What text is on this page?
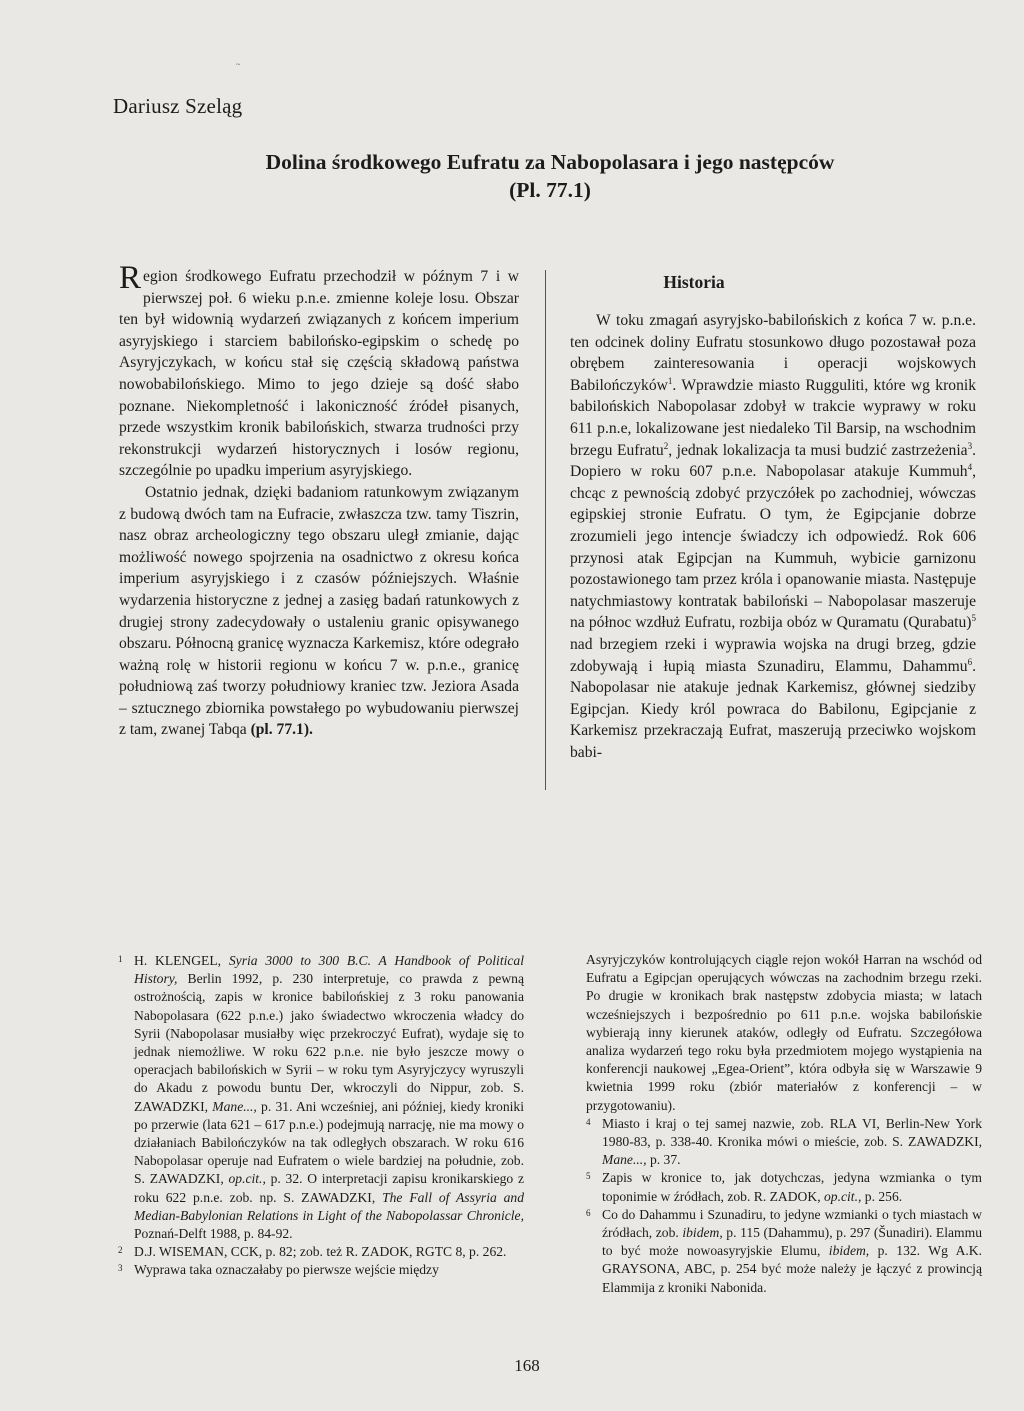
~
Dariusz Szeląg
Dolina środkowego Eufratu za Nabopolasara i jego następców
(Pl. 77.1)

Region środkowego Eufratu przechodził w późnym 7 i w pierwszej poł. 6 wieku p.n.e. zmienne koleje losu. Obszar ten był widownią wydarzeń związanych z końcem imperium asyryjskiego i starciem babilońsko-egipskim o schedę po Asyryjczykach, w końcu stał się częścią składową państwa nowobabilońskiego. Mimo to jego dzieje są dość słabo poznane. Niekompletność i lakoniczność źródeł pisanych, przede wszystkim kronik babilońskich, stwarza trudności przy rekonstrukcji wydarzeń historycznych i losów regionu, szczególnie po upadku imperium asyryjskiego.

Ostatnio jednak, dzięki badaniom ratunkowym związanym z budową dwóch tam na Eufracie, zwłaszcza tzw. tamy Tiszrin, nasz obraz archeologiczny tego obszaru uległ zmianie, dając możliwość nowego spojrzenia na osadnictwo z okresu końca imperium asyryjskiego i z czasów późniejszych. Właśnie wydarzenia historyczne z jednej a zasięg badań ratunkowych z drugiej strony zadecydowały o ustaleniu granic opisywanego obszaru. Północną granicę wyznacza Karkemisz, które odegrało ważną rolę w historii regionu w końcu 7 w. p.n.e., granicę południową zaś tworzy południowy kraniec tzw. Jeziora Asada – sztucznego zbiornika powstałego po wybudowaniu pierwszej z tam, zwanej Tabqa (pl. 77.1).

Historia

W toku zmagań asyryjsko-babilońskich z końca 7 w. p.n.e. ten odcinek doliny Eufratu stosunkowo długo pozostawał poza obrębem zainteresowania i operacji wojskowych Babilończyków$^1$. Wprawdzie miasto Rugguliti, które wg kronik babilońskich Nabopolasar zdobył w trakcie wyprawy w roku 611 p.n.e, lokalizowane jest niedaleko Til Barsip, na wschodnim brzegu Eufratu$^2$, jednak lokalizacja ta musi budzić zastrzeżenia$^3$. Dopiero w roku 607 p.n.e. Nabopolasar atakuje Kummuh$^4$, chcąc z pewnością zdobyć przyczółek po zachodniej, wówczas egipskiej stronie Eufratu. O tym, że Egipcjanie dobrze zrozumieli jego intencje świadczy ich odpowiedź. Rok 606 przynosi atak Egipcjan na Kummuh, wybicie garnizonu pozostawionego tam przez króla i opanowanie miasta. Następuje natychmiastowy kontratak babiloński – Nabopolasar maszeruje na północ wzdłuż Eufratu, rozbija obóz w Quramatu (Qurabatu)$^5$ nad brzegiem rzeki i wyprawia wojska na drugi brzeg, gdzie zdobywają i łupią miasta Szunadiru, Elammu, Dahammu$^6$. Nabopolasar nie atakuje jednak Karkemisz, głównej siedziby Egipcjan. Kiedy król powraca do Babilonu, Egipcjanie z Karkemisz przekraczają Eufrat, maszerują przeciwko wojskom babi-

1 H. KLENGEL, Syria 3000 to 300 B.C. A Handbook of Political History, Berlin 1992, p. 230 interpretuje, co prawda z pewną ostrożnością, zapis w kronice babilońskiej z 3 roku panowania Nabopolasara (622 p.n.e.) jako świadectwo wkroczenia władcy do Syrii (Nabopolasar musiałby więc przekroczyć Eufrat), wydaje się to jednak niemożliwe. W roku 622 p.n.e. nie było jeszcze mowy o operacjach babilońskich w Syrii – w roku tym Asyryjczycy wyruszyli do Akadu z powodu buntu Der, wkroczyli do Nippur, zob. S. ZAWADZKI, Mane..., p. 31. Ani wcześniej, ani później, kiedy kroniki po przerwie (lata 621 – 617 p.n.e.) podejmują narrację, nie ma mowy o działaniach Babilończyków na tak odległych obszarach. W roku 616 Nabopolasar operuje nad Eufratem o wiele bardziej na południe, zob. S. ZAWADZKI, op.cit., p. 32. O interpretacji zapisu kronikarskiego z roku 622 p.n.e. zob. np. S. ZAWADZKI, The Fall of Assyria and Median-Babylonian Relations in Light of the Nabopolassar Chronicle, Poznań-Delft 1988, p. 84-92.

2 D.J. WISEMAN, CCK, p. 82; zob. też R. ZADOK, RGTC 8, p. 262.

3 Wyprawa taka oznaczałaby po pierwsze wejście między

Asyryjczyków kontrolujących ciągle rejon wokół Harran na wschód od Eufratu a Egipcjan operujących wówczas na zachodnim brzegu rzeki. Po drugie w kronikach brak następstw zdobycia miasta; w latach wcześniejszych i bezpośrednio po 611 p.n.e. wojska babilońskie wybierają inny kierunek ataków, odległy od Eufratu. Szczegółowa analiza wydarzeń tego roku była przedmiotem mojego wystąpienia na konferencji naukowej „Egea-Orient”, która odbyła się w Warszawie 9 kwietnia 1999 roku (zbiór materiałów z konferencji – w przygotowaniu).

4 Miasto i kraj o tej samej nazwie, zob. RLA VI, Berlin-New York 1980-83, p. 338-40. Kronika mówi o mieście, zob. S. ZAWADZKI, Mane..., p. 37.

5 Zapis w kronice to, jak dotychczas, jedyna wzmianka o tym toponimie w źródłach, zob. R. ZADOK, op.cit., p. 256.

6 Co do Dahammu i Szunadiru, to jedyne wzmianki o tych miastach w źródłach, zob. ibidem, p. 115 (Dahammu), p. 297 (Šunadiri). Elammu to być może nowoasyryjskie Elumu, ibidem, p. 132. Wg A.K. GRAYSONA, ABC, p. 254 być może należy je łączyć z prowincją Elammija z kroniki Nabonida.

168
